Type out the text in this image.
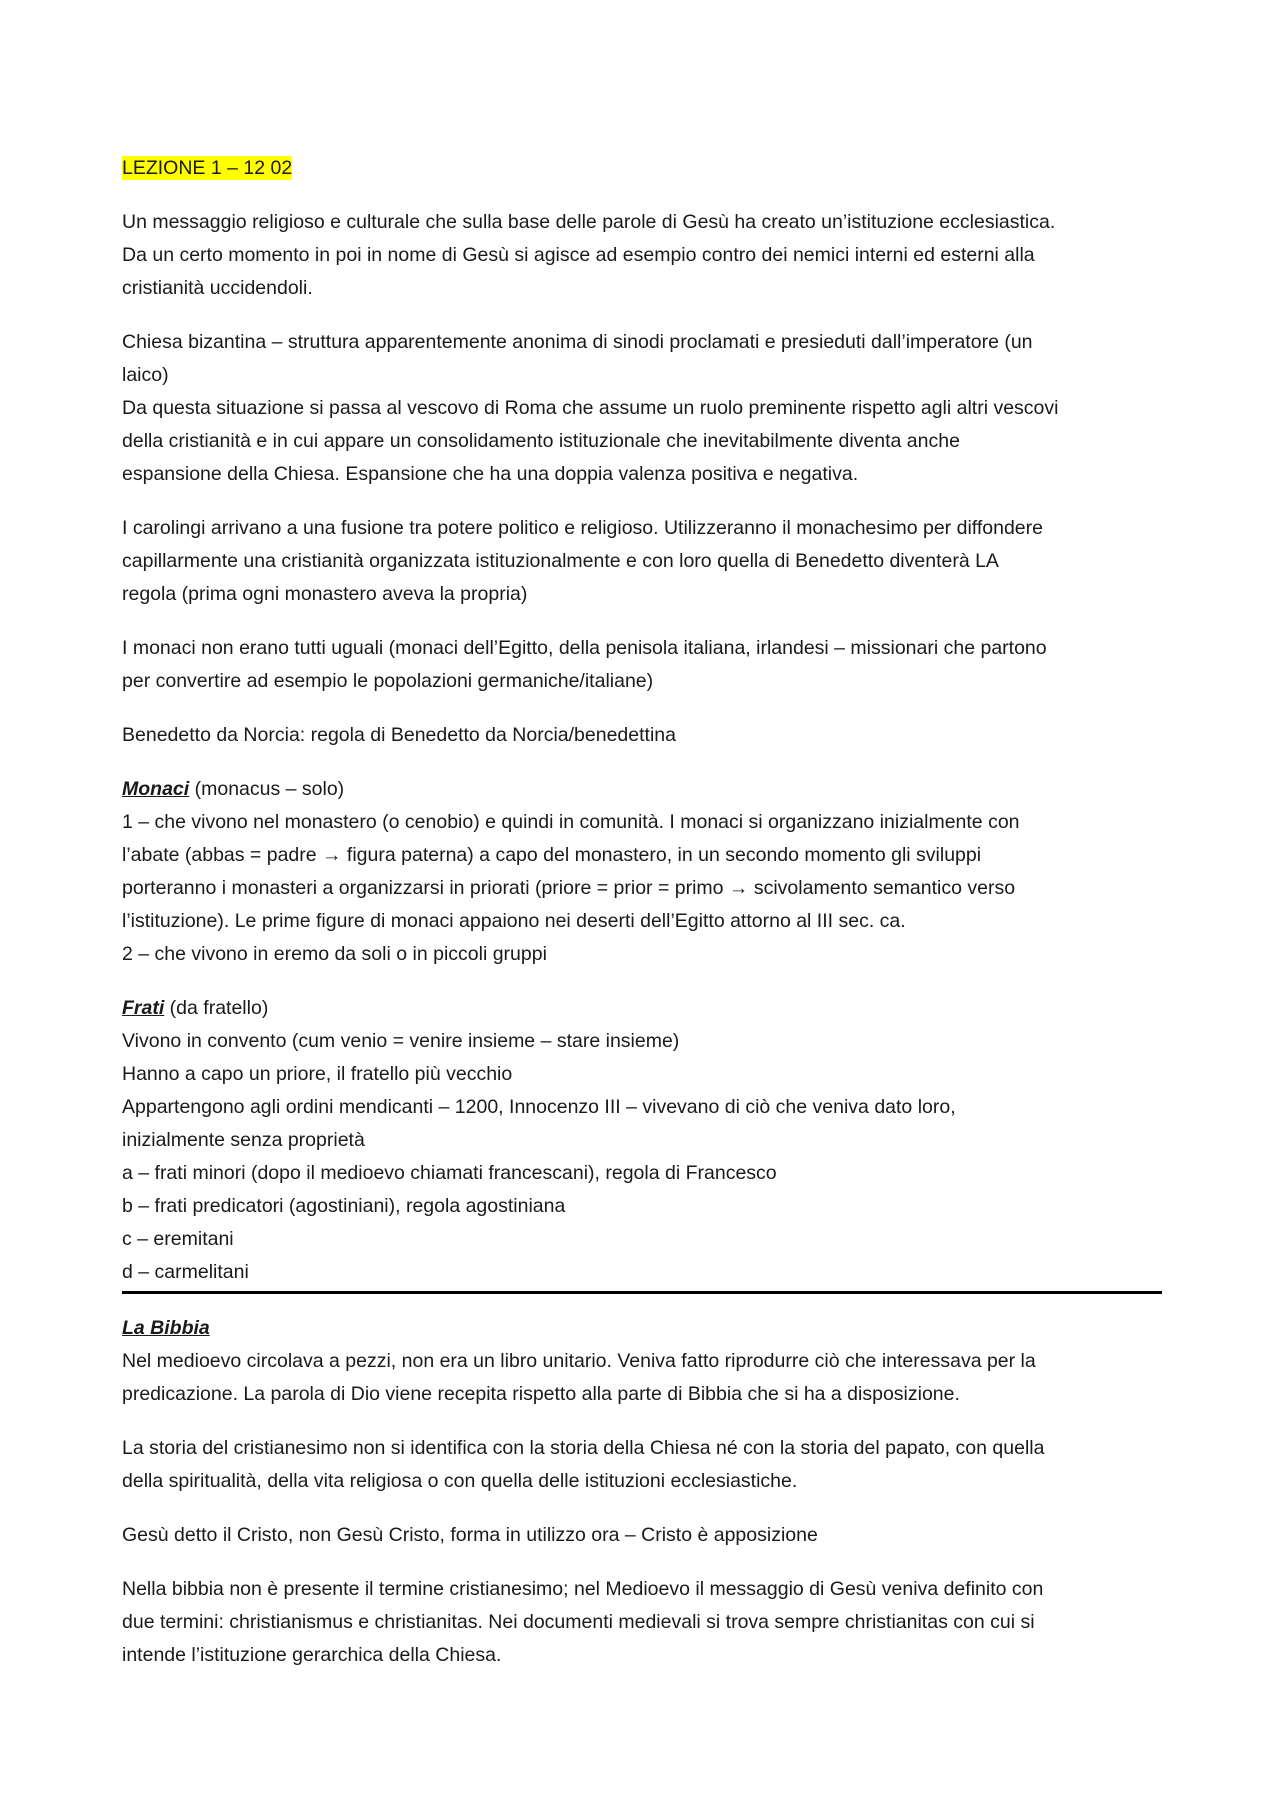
LEZIONE 1 – 12 02
Un messaggio religioso e culturale che sulla base delle parole di Gesù ha creato un’istituzione ecclesiastica.
Da un certo momento in poi in nome di Gesù si agisce ad esempio contro dei nemici interni ed esterni alla
cristianità uccidendoli.
Chiesa bizantina – struttura apparentemente anonima di sinodi proclamati e presieduti dall’imperatore (un
laico)
Da questa situazione si passa al vescovo di Roma che assume un ruolo preminente rispetto agli altri vescovi
della cristianità e in cui appare un consolidamento istituzionale che inevitabilmente diventa anche
espansione della Chiesa. Espansione che ha una doppia valenza positiva e negativa.
I carolingi arrivano a una fusione tra potere politico e religioso. Utilizzeranno il monachesimo per diffondere
capillarmente una cristianità organizzata istituzionalmente e con loro quella di Benedetto diventerà LA
regola (prima ogni monastero aveva la propria)
I monaci non erano tutti uguali (monaci dell’Egitto, della penisola italiana, irlandesi – missionari che partono
per convertire ad esempio le popolazioni germaniche/italiane)
Benedetto da Norcia: regola di Benedetto da Norcia/benedettina
Monaci (monacus – solo)
1 – che vivono nel monastero (o cenobio) e quindi in comunità. I monaci si organizzano inizialmente con
l’abate (abbas = padre → figura paterna) a capo del monastero, in un secondo momento gli sviluppi
porteranno i monasteri a organizzarsi in priorati (priore = prior = primo → scivolamento semantico verso
l’istituzione). Le prime figure di monaci appaiono nei deserti dell’Egitto attorno al III sec. ca.
2 – che vivono in eremo da soli o in piccoli gruppi
Frati (da fratello)
Vivono in convento (cum venio = venire insieme – stare insieme)
Hanno a capo un priore, il fratello più vecchio
Appartengono agli ordini mendicanti – 1200, Innocenzo III – vivevano di ciò che veniva dato loro,
inizialmente senza proprietà
a – frati minori (dopo il medioevo chiamati francescani), regola di Francesco
b – frati predicatori (agostiniani), regola agostiniana
c – eremitani
d – carmelitani
La Bibbia
Nel medioevo circolava a pezzi, non era un libro unitario. Veniva fatto riprodurre ciò che interessava per la
predicazione. La parola di Dio viene recepita rispetto alla parte di Bibbia che si ha a disposizione.
La storia del cristianesimo non si identifica con la storia della Chiesa né con la storia del papato, con quella
della spiritualità, della vita religiosa o con quella delle istituzioni ecclesiastiche.
Gesù detto il Cristo, non Gesù Cristo, forma in utilizzo ora – Cristo è apposizione
Nella bibbia non è presente il termine cristianesimo; nel Medioevo il messaggio di Gesù veniva definito con
due termini: christianismus e christianitas. Nei documenti medievali si trova sempre christianitas con cui si
intende l’istituzione gerarchica della Chiesa.
